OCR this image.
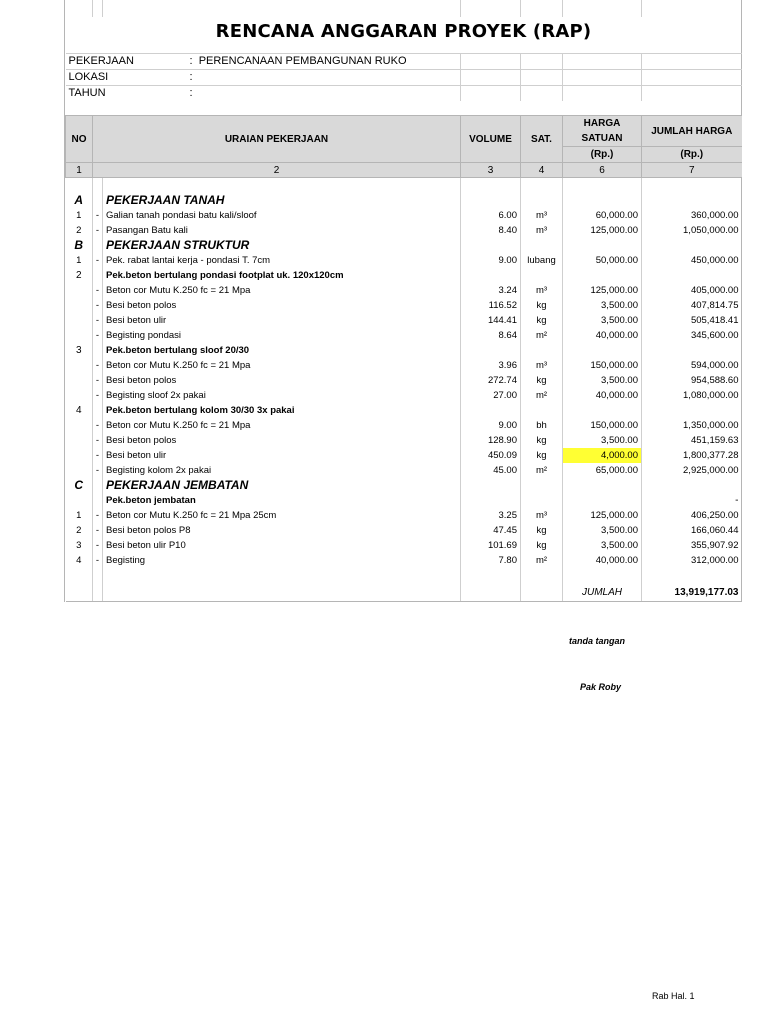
RENCANA ANGGARAN PROYEK (RAP)						

PEKERJAAN		: PERENCANAAN PEMBANGUNAN RUKO				
LOKASI		:				
TAHUN		:				

NO	URAIAN PEKERJAAN		VOLUME	SAT.	HARGA	JUMLAH HARGA
					SATUAN	
					(Rp.)	(Rp.)
1	2		3	4	6	7

A		PEKERJAAN TANAH				
1	-	Galian tanah pondasi batu kali/sloof	6.00	m³	60,000.00	360,000.00
2	-	Pasangan Batu kali	8.40	m³	125,000.00	1,050,000.00
B		PEKERJAAN STRUKTUR				
1	-	Pek. rabat lantai kerja - pondasi T. 7cm	9.00	lubang	50,000.00	450,000.00
2		Pek.beton bertulang pondasi footplat uk. 120x120cm				
	-	Beton cor Mutu K.250 fc = 21 Mpa	3.24	m³	125,000.00	405,000.00
	-	Besi beton polos	116.52	kg	3,500.00	407,814.75
	-	Besi beton ulir	144.41	kg	3,500.00	505,418.41
	-	Begisting pondasi	8.64	m²	40,000.00	345,600.00
3		Pek.beton bertulang sloof 20/30				
	-	Beton cor Mutu K.250 fc = 21 Mpa	3.96	m³	150,000.00	594,000.00
	-	Besi beton polos	272.74	kg	3,500.00	954,588.60
	-	Begisting sloof 2x pakai	27.00	m²	40,000.00	1,080,000.00
4		Pek.beton bertulang kolom 30/30 3x pakai				
	-	Beton cor Mutu K.250 fc = 21 Mpa	9.00	bh	150,000.00	1,350,000.00
	-	Besi beton polos	128.90	kg	3,500.00	451,159.63
	-	Besi beton ulir	450.09	kg	4,000.00	1,800,377.28
	-	Begisting kolom 2x pakai	45.00	m²	65,000.00	2,925,000.00
C		PEKERJAAN JEMBATAN				
		Pek.beton jembatan				-
1	-	Beton cor Mutu K.250 fc = 21 Mpa 25cm	3.25	m³	125,000.00	406,250.00
2	-	Besi beton polos P8	47.45	kg	3,500.00	166,060.44
3	-	Besi beton ulir P10	101.69	kg	3,500.00	355,907.92
4	-	Begisting	7.80	m²	40,000.00	312,000.00

					JUMLAH	13,919,177.03
tanda tangan
Pak Roby
Rab Hal. 1
